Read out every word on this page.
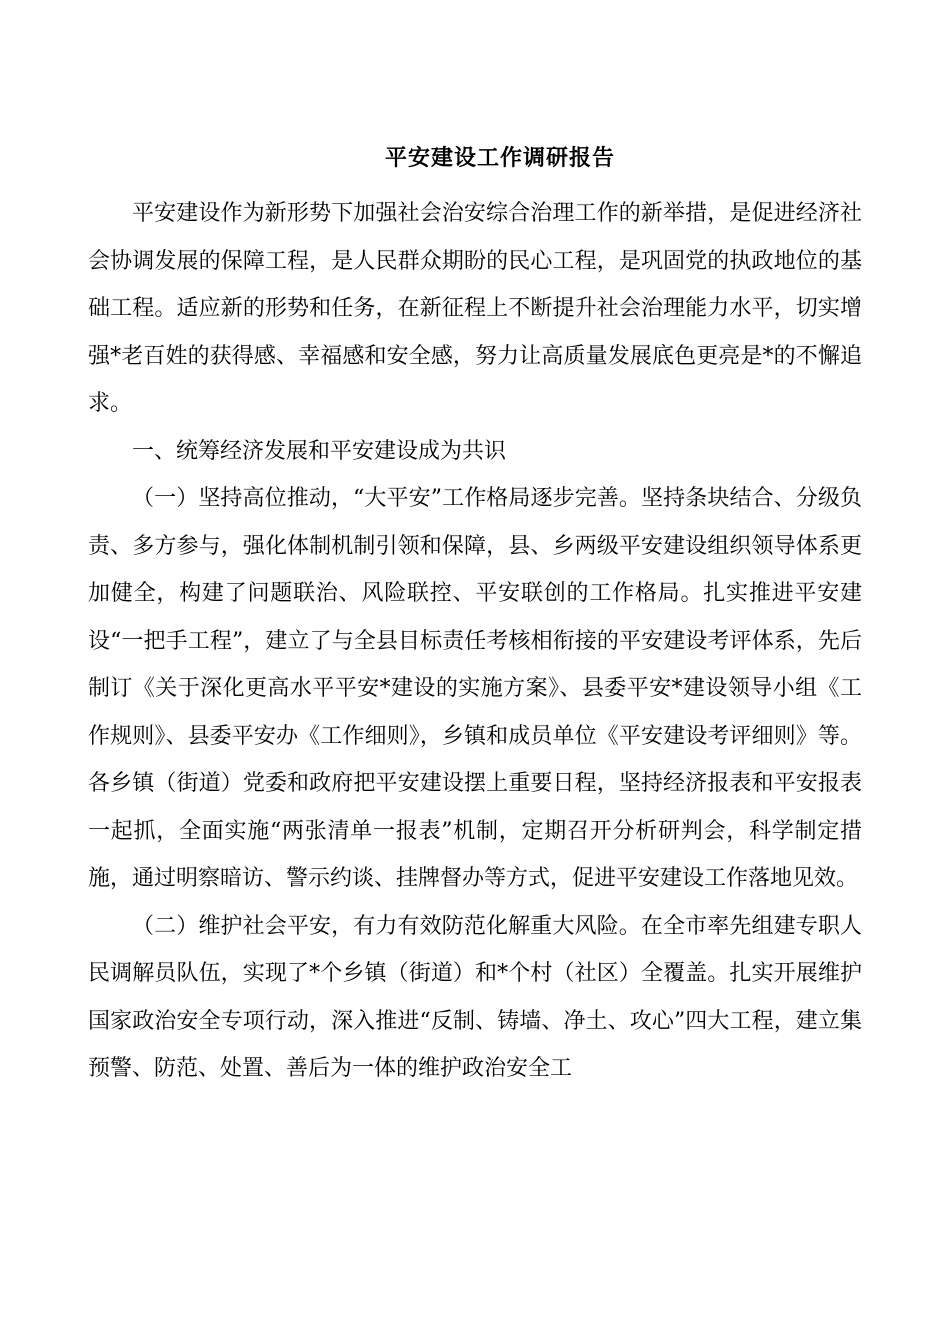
平安建设工作调研报告

平安建设作为新形势下加强社会治安综合治理工作的新举措，是促进经济社会协调发展的保障工程，是人民群众期盼的民心工程，是巩固党的执政地位的基础工程。适应新的形势和任务，在新征程上不断提升社会治理能力水平，切实增强*老百姓的获得感、幸福感和安全感，努力让高质量发展底色更亮是*的不懈追求。

一、统筹经济发展和平安建设成为共识

（一）坚持高位推动，“大平安”工作格局逐步完善。坚持条块结合、分级负责、多方参与，强化体制机制引领和保障，县、乡两级平安建设组织领导体系更加健全，构建了问题联治、风险联控、平安联创的工作格局。扎实推进平安建设“一把手工程”，建立了与全县目标责任考核相衔接的平安建设考评体系，先后制订《关于深化更高水平平安*建设的实施方案》、县委平安*建设领导小组《工作规则》、县委平安办《工作细则》，乡镇和成员单位《平安建设考评细则》等。各乡镇（街道）党委和政府把平安建设摆上重要日程，坚持经济报表和平安报表一起抓，全面实施“两张清单一报表”机制，定期召开分析研判会，科学制定措施，通过明察暗访、警示约谈、挂牌督办等方式，促进平安建设工作落地见效。

（二）维护社会平安，有力有效防范化解重大风险。在全市率先组建专职人民调解员队伍，实现了*个乡镇（街道）和*个村（社区）全覆盖。扎实开展维护国家政治安全专项行动，深入推进“反制、铸墙、净土、攻心”四大工程，建立集预警、防范、处置、善后为一体的维护政治安全工
